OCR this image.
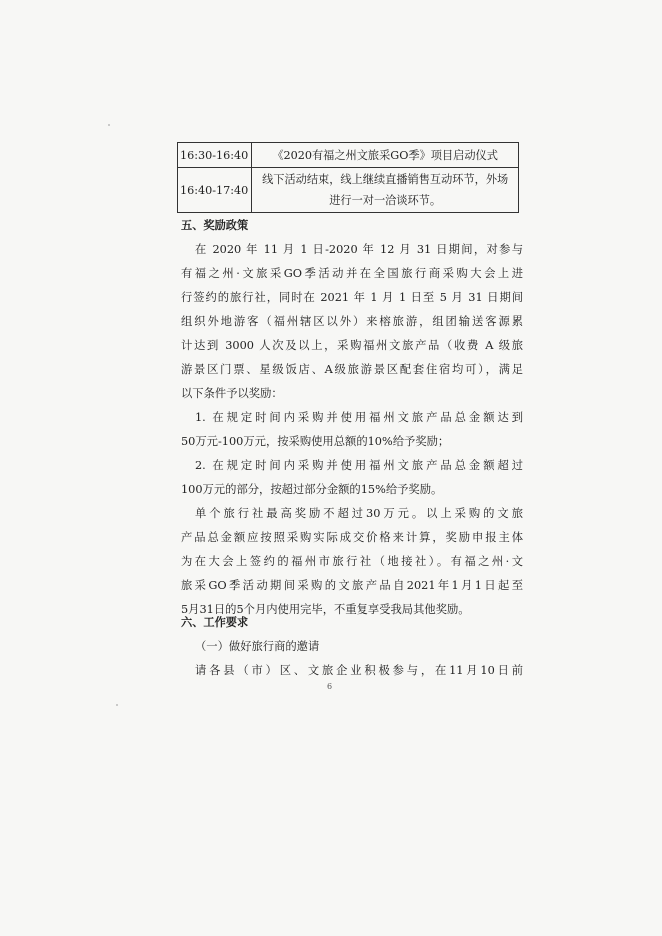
16:30-16:40	《2020有福之州文旅采GO季》项目启动仪式
16:40-17:40	线下活动结束，线上继续直播销售互动环节，外场
进行一对一洽谈环节。
五、奖励政策
在 2020 年 11 月 1 日-2020 年 12 月 31 日期间，对参与
有福之州·文旅采GO季活动并在全国旅行商采购大会上进
行签约的旅行社，同时在 2021 年 1 月 1 日至 5 月 31 日期间
组织外地游客（福州辖区以外）来榕旅游，组团输送客源累
计达到 3000 人次及以上，采购福州文旅产品（收费 A 级旅
游景区门票、星级饭店、A级旅游景区配套住宿均可），满足
以下条件予以奖励：
1. 在规定时间内采购并使用福州文旅产品总金额达到
50万元-100万元，按采购使用总额的10%给予奖励；
2. 在规定时间内采购并使用福州文旅产品总金额超过
100万元的部分，按超过部分金额的15%给予奖励。
单个旅行社最高奖励不超过30万元。以上采购的文旅
产品总金额应按照采购实际成交价格来计算，奖励申报主体
为在大会上签约的福州市旅行社（地接社）。有福之州·文
旅采GO季活动期间采购的文旅产品自2021年1月1日起至
5月31日的5个月内使用完毕，不重复享受我局其他奖励。
六、工作要求
（一）做好旅行商的邀请
请各县（市）区、文旅企业积极参与，在11月10日前
6
